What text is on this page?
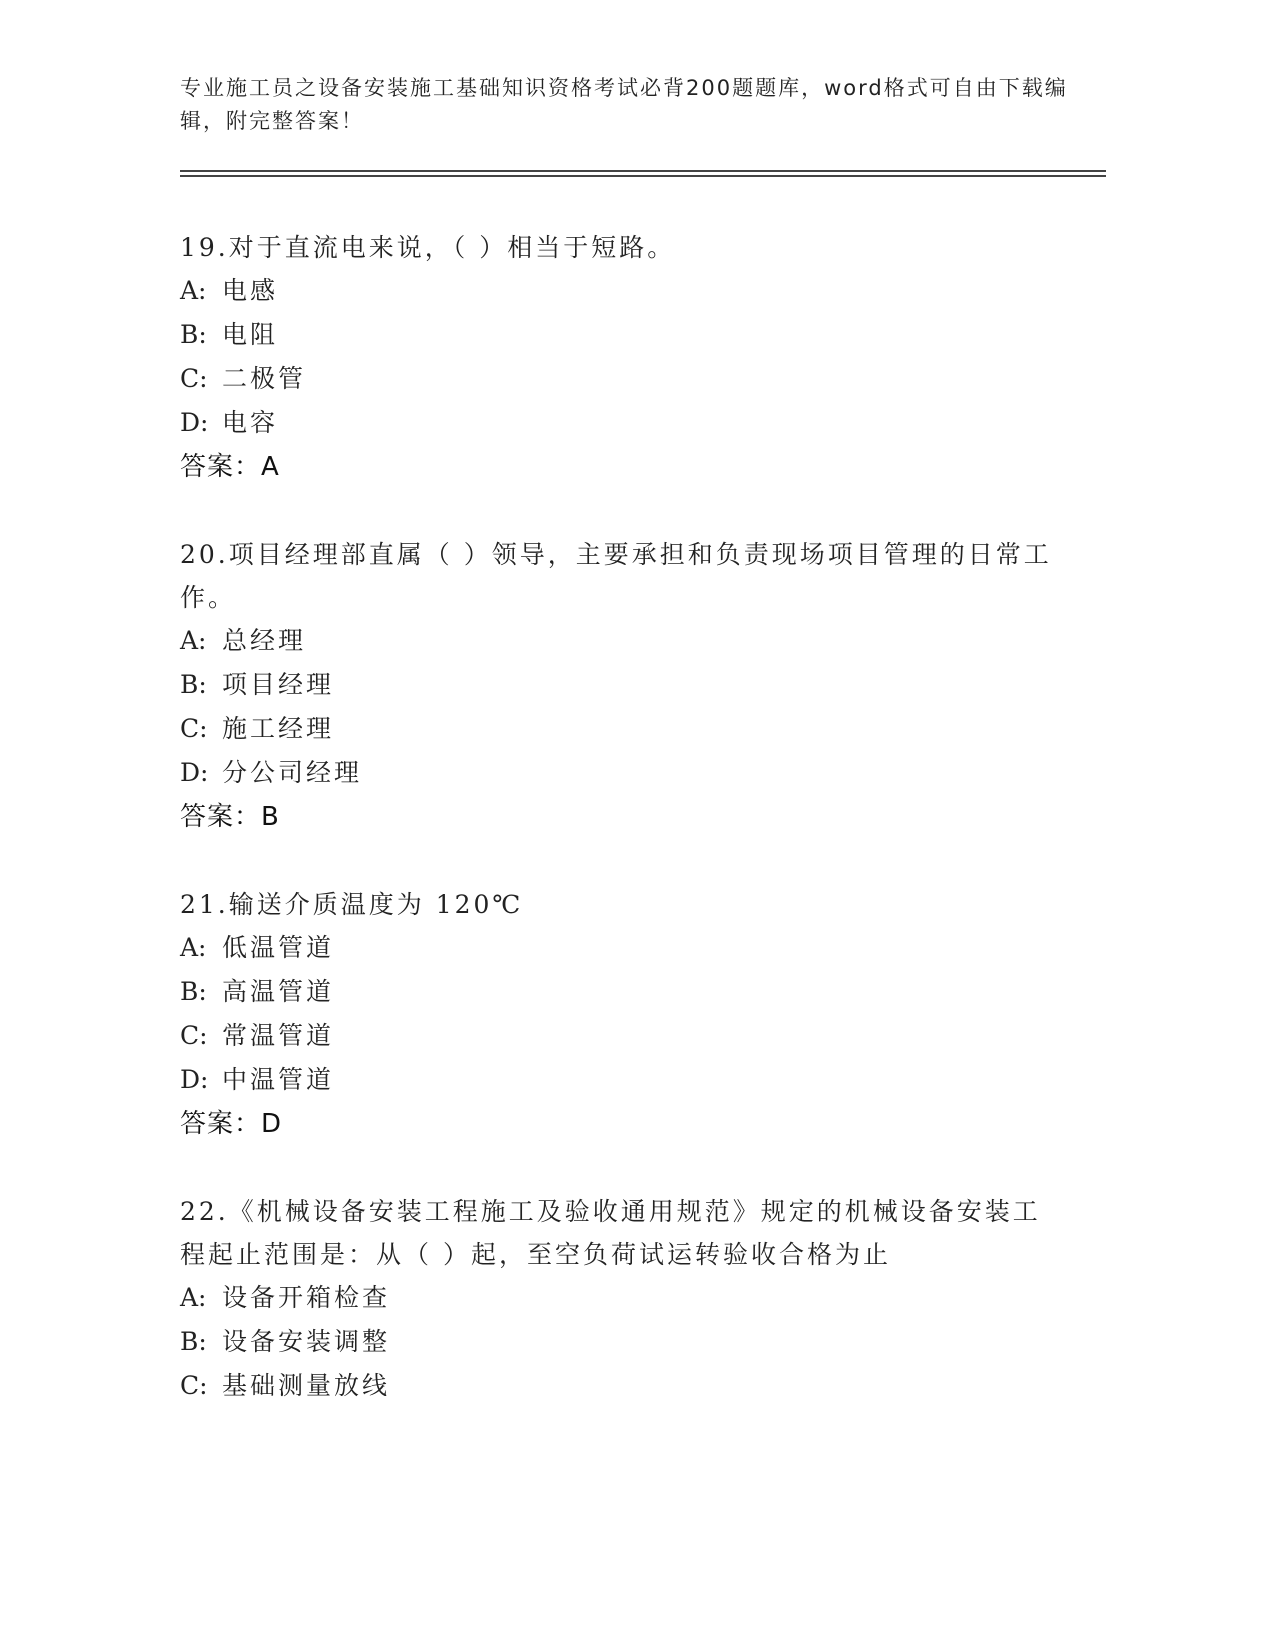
专业施工员之设备安装施工基础知识资格考试必背200题题库，word格式可自由下载编辑，附完整答案！
19.对于直流电来说，（ ）相当于短路。
A: 电感
B: 电阻
C: 二极管
D: 电容
答案：A
20.项目经理部直属（ ）领导，主要承担和负责现场项目管理的日常工作。
A: 总经理
B: 项目经理
C: 施工经理
D: 分公司经理
答案：B
21.输送介质温度为 120℃
A: 低温管道
B: 高温管道
C: 常温管道
D: 中温管道
答案：D
22.《机械设备安装工程施工及验收通用规范》规定的机械设备安装工程起止范围是：从（ ）起，至空负荷试运转验收合格为止
A: 设备开箱检查
B: 设备安装调整
C: 基础测量放线
